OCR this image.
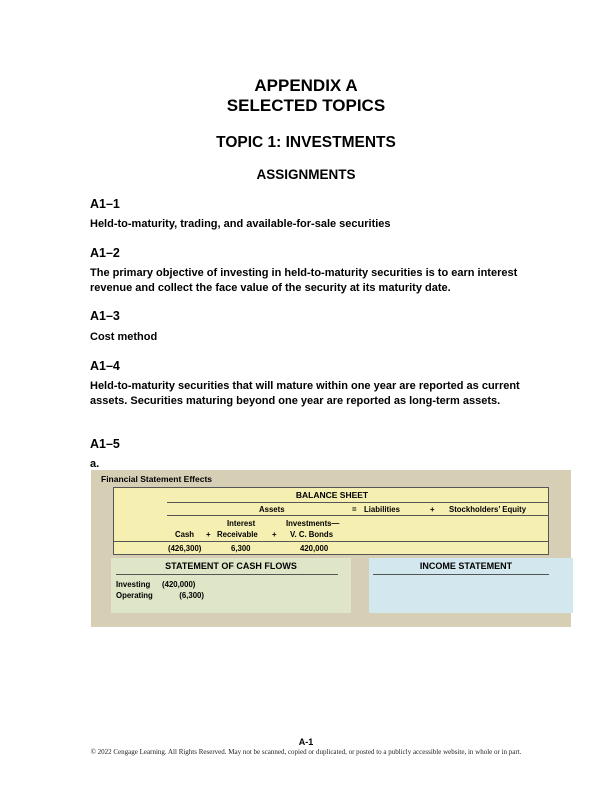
APPENDIX A
SELECTED TOPICS
TOPIC 1: INVESTMENTS
ASSIGNMENTS
A1–1
Held-to-maturity, trading, and available-for-sale securities
A1–2
The primary objective of investing in held-to-maturity securities is to earn interest revenue and collect the face value of the security at its maturity date.
A1–3
Cost method
A1–4
Held-to-maturity securities that will mature within one year are reported as current assets. Securities maturing beyond one year are reported as long-term assets.
A1–5
a.
Financial Statement Effects
BALANCE SHEET
Assets	= Liabilities	+ Stockholders’ Equity
Interest	Investments—
Cash + Receivable + V. C. Bonds
(426,300)	6,300	420,000
STATEMENT OF CASH FLOWS
Investing (420,000)
Operating	(6,300)
INCOME STATEMENT
A-1
© 2022 Cengage Learning. All Rights Reserved. May not be scanned, copied or duplicated, or posted to a publicly accessible website, in whole or in part.
